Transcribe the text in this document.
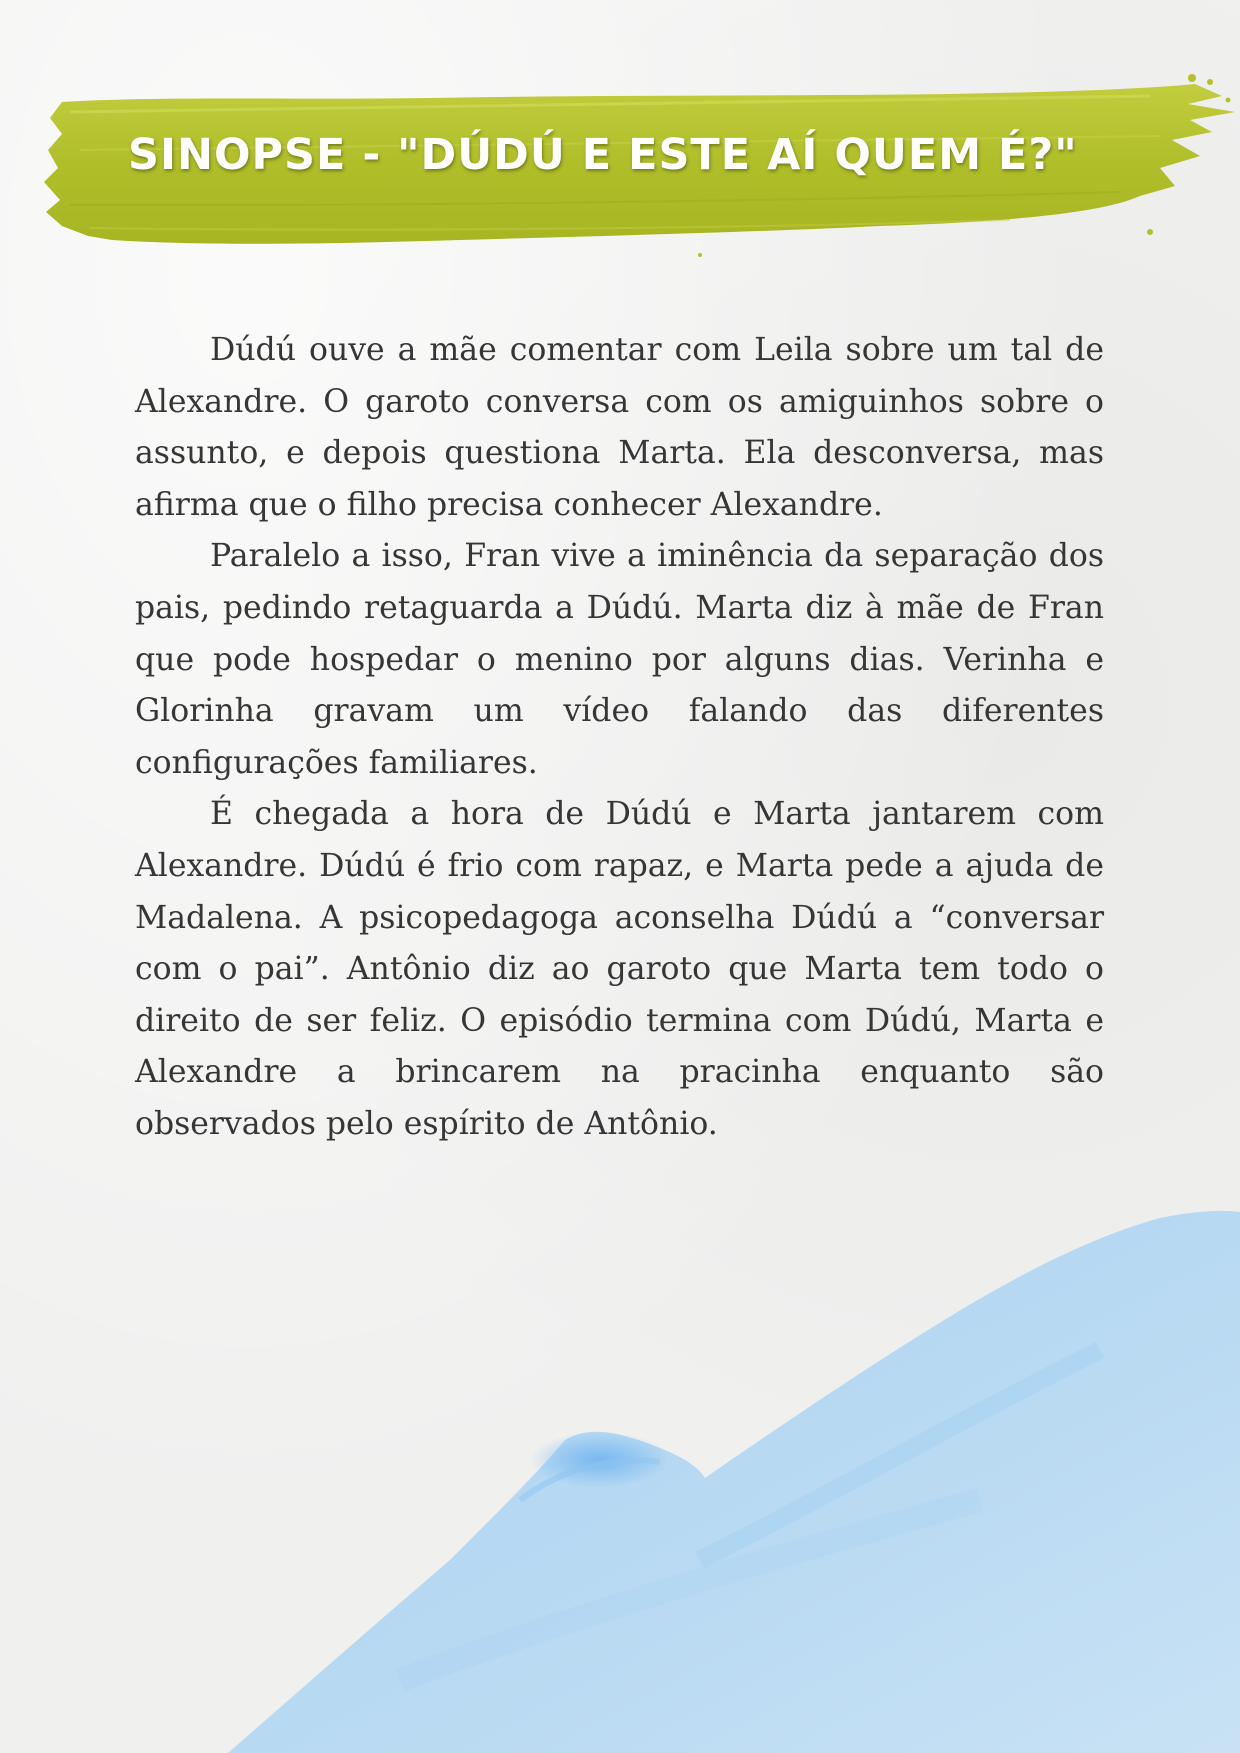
SINOPSE - "DÚDÚ E ESTE AÍ QUEM É?"

Dúdú ouve a mãe comentar com Leila sobre um tal de Alexandre. O garoto conversa com os amiguinhos sobre o assunto, e depois questiona Marta. Ela desconversa, mas afirma que o filho precisa conhecer Alexandre.

Paralelo a isso, Fran vive a iminência da separação dos pais, pedindo retaguarda a Dúdú. Marta diz à mãe de Fran que pode hospedar o menino por alguns dias. Verinha e Glorinha gravam um vídeo falando das diferentes configurações familiares.

É chegada a hora de Dúdú e Marta jantarem com Alexandre. Dúdú é frio com rapaz, e Marta pede a ajuda de Madalena. A psicopedagoga aconselha Dúdú a “conversar com o pai”. Antônio diz ao garoto que Marta tem todo o direito de ser feliz. O episódio termina com Dúdú, Marta e Alexandre a brincarem na pracinha enquanto são observados pelo espírito de Antônio.
